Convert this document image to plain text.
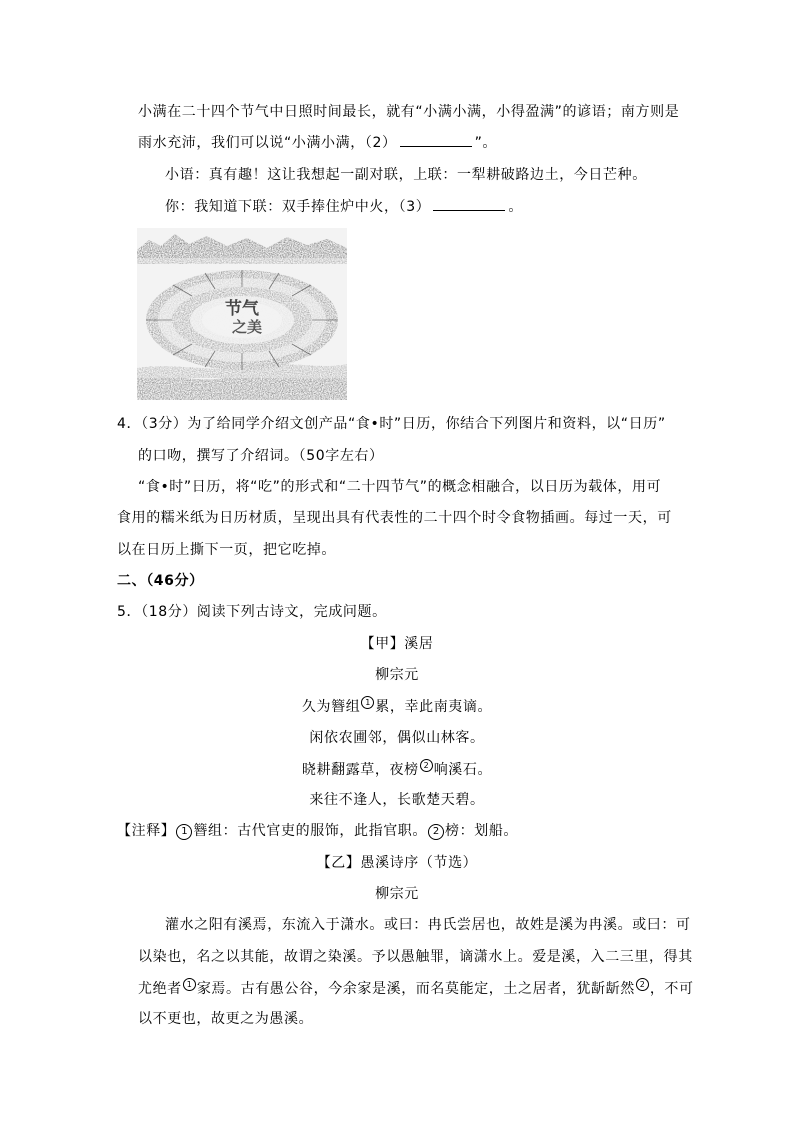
小满在二十四个节气中日照时间最长，就有“小满小满，小得盈满”的谚语；南方则是
雨水充沛，我们可以说“小满小满，（2）	”。
小语：真有趣！这让我想起一副对联，上联：一犁耕破路边土，今日芒种。
你：我知道下联：双手捧住炉中火，（3）	。
节气
之美
4．（3分）为了给同学介绍文创产品“食•时”日历，你结合下列图片和资料，以“日历”
的口吻，撰写了介绍词。（50字左右）
“食•时”日历，将“吃”的形式和“二十四节气”的概念相融合，以日历为载体，用可
食用的糯米纸为日历材质，呈现出具有代表性的二十四个时令食物插画。每过一天，可
以在日历上撕下一页，把它吃掉。
二、（46分）
5．（18分）阅读下列古诗文，完成问题。
【甲】溪居
柳宗元
久为簪组 1 累，幸此南夷谪。
闲依农圃邻，偶似山林客。
晓耕翻露草，夜榜 2 响溪石。
来往不逢人，长歌楚天碧。
【注释】 1 簪组：古代官吏的服饰，此指官职。 2 榜：划船。
【乙】愚溪诗序（节选）
柳宗元
灌水之阳有溪焉，东流入于潇水。或曰：冉氏尝居也，故姓是溪为冉溪。或曰：可
以染也，名之以其能，故谓之染溪。予以愚触罪，谪潇水上。爱是溪，入二三里，得其
尤绝者 1 家焉。古有愚公谷，今余家是溪，而名莫能定，土之居者，犹龂龂然 2 ，不可
以不更也，故更之为愚溪。
